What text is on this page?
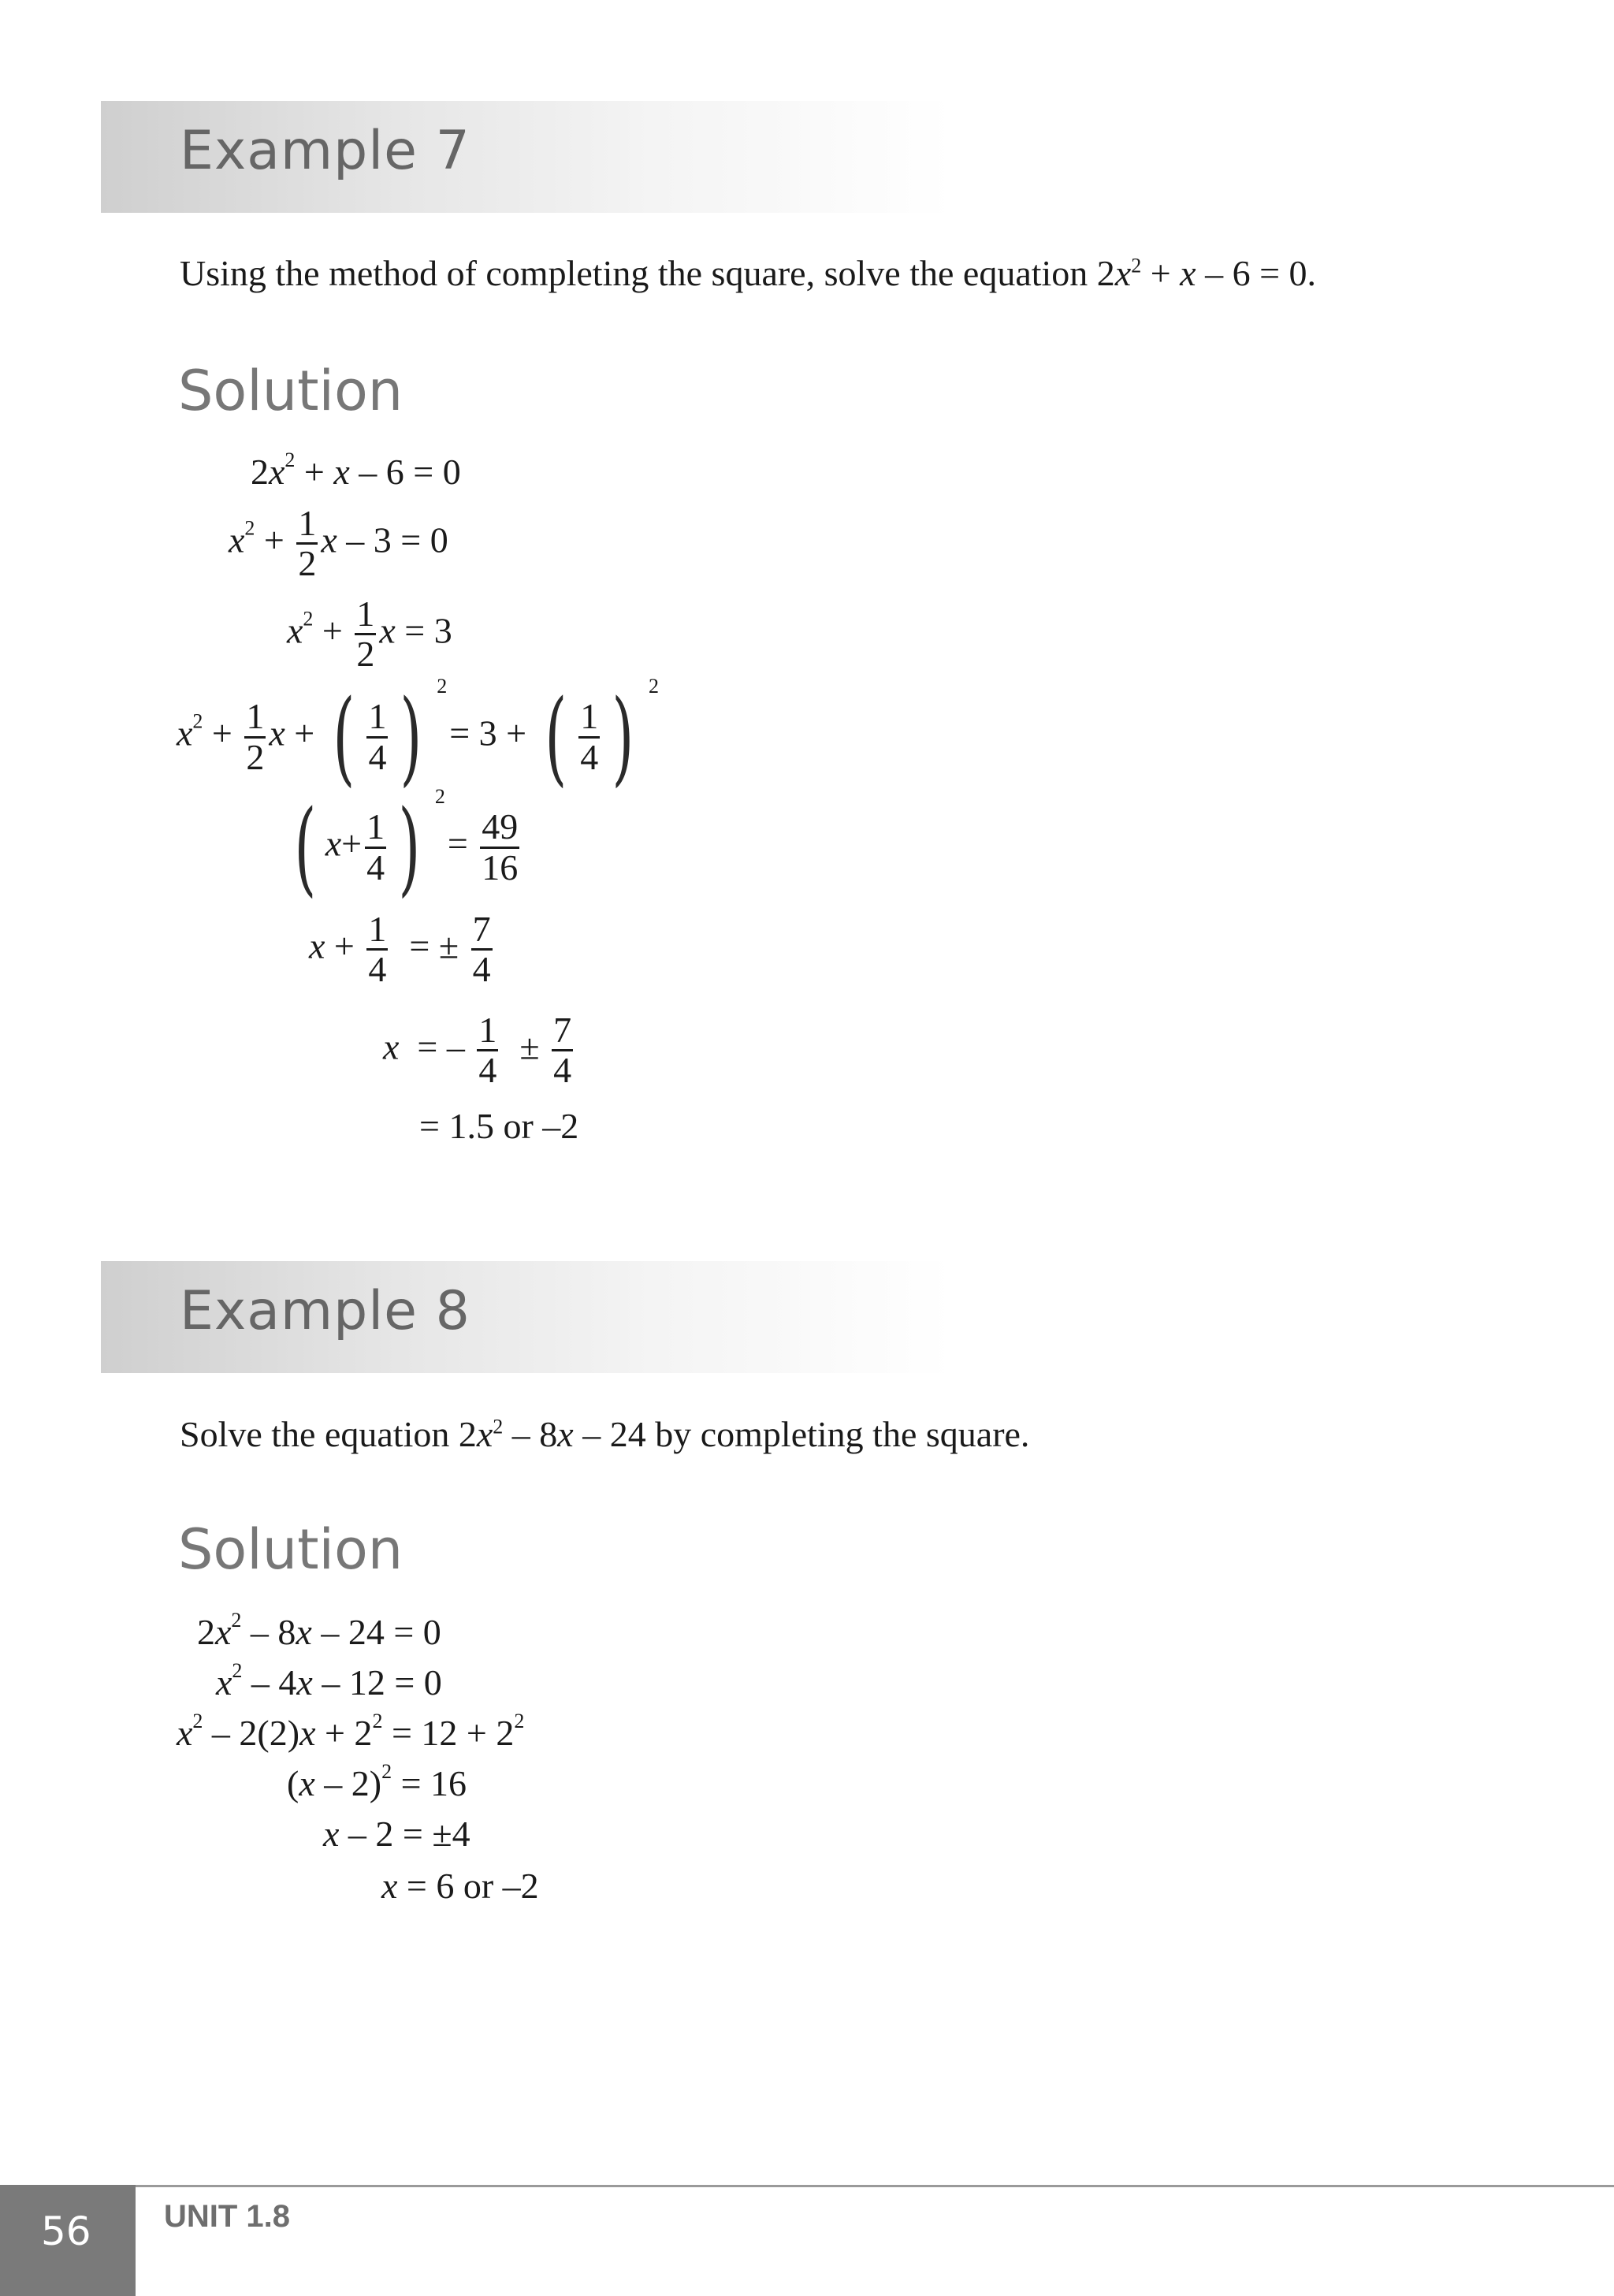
Example 7
Using the method of completing the square, solve the equation $2x^2 + x - 6 = 0$.
Solution
$2x^2 + x - 6 = 0$
$x^2 + \frac{1}{2}$ x – 3 = 0
$x^2 + \frac{1}{2}$ x = 3
$x^2 + \frac{1}{2}$ x + ( $\frac{1}{4}$ ) 2
= 3 + ( $\frac{1}{4}$ ) 2
( $x+ \frac{1}{4}$ ) 2
= $\frac{49}{16}$
$x + \frac{1}{4}$ = ± $\frac{7}{4}$
x  = – $\frac{1}{4} \pm \frac{7}{4}$
= 1.5 or –2
Example 8
Solve the equation $2x^2 - 8x - 24$ by completing the square.
Solution
$2x^2 - 8x - 24 = 0$
$x^2 - 4x - 12 = 0$
$x^2 - 2(2)x + 2^2 = 12 + 2^2$
(x – 2)$^2$ = 16
x – 2 = ±4
x = 6 or –2
56 UNIT 1.8
